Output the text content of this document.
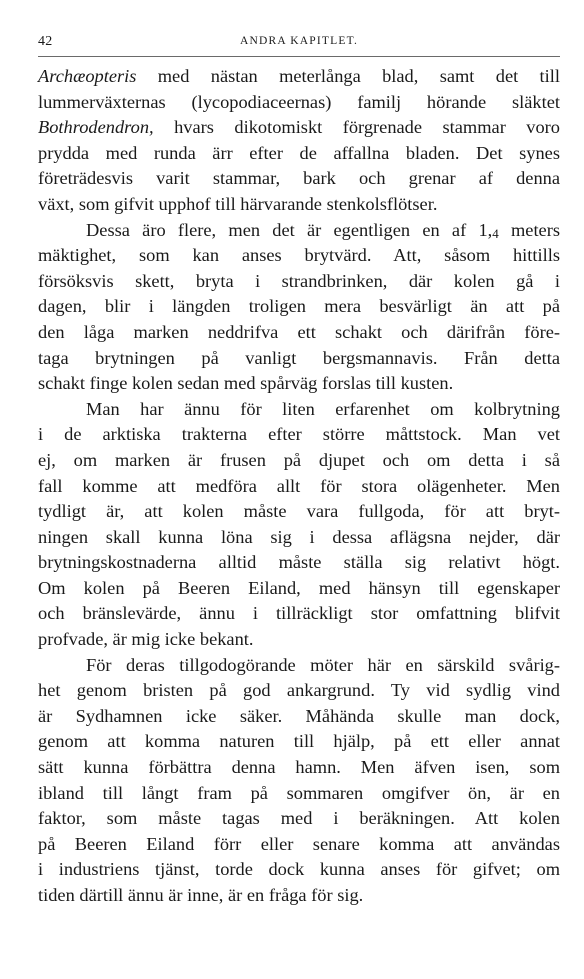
42	ANDRA KAPITLET.
Archæopteris med nästan meterlånga blad, samt det till
lummerväxternas (lycopodiaceernas) familj hörande släktet
Bothrodendron, hvars dikotomiskt förgrenade stammar voro
prydda med runda ärr efter de affallna bladen. Det synes
företrädesvis varit stammar, bark och grenar af denna
växt, som gifvit upphof till härvarande stenkolsflötser.
Dessa äro flere, men det är egentligen en af 1,4 meters
mäktighet, som kan anses brytvärd. Att, såsom hittills
försöksvis skett, bryta i strandbrinken, där kolen gå i
dagen, blir i längden troligen mera besvärligt än att på
den låga marken neddrifva ett schakt och därifrån före-
taga brytningen på vanligt bergsmannavis. Från detta
schakt finge kolen sedan med spårväg forslas till kusten.
Man har ännu för liten erfarenhet om kolbrytning
i de arktiska trakterna efter större måttstock. Man vet
ej, om marken är frusen på djupet och om detta i så
fall komme att medföra allt för stora olägenheter. Men
tydligt är, att kolen måste vara fullgoda, för att bryt-
ningen skall kunna löna sig i dessa aflägsna nejder, där
brytningskostnaderna alltid måste ställa sig relativt högt.
Om kolen på Beeren Eiland, med hänsyn till egenskaper
och bränslevärde, ännu i tillräckligt stor omfattning blifvit
profvade, är mig icke bekant.
För deras tillgodogörande möter här en särskild svårig-
het genom bristen på god ankargrund. Ty vid sydlig vind
är Sydhamnen icke säker. Måhända skulle man dock,
genom att komma naturen till hjälp, på ett eller annat
sätt kunna förbättra denna hamn. Men äfven isen, som
ibland till långt fram på sommaren omgifver ön, är en
faktor, som måste tagas med i beräkningen. Att kolen
på Beeren Eiland förr eller senare komma att användas
i industriens tjänst, torde dock kunna anses för gifvet; om
tiden därtill ännu är inne, är en fråga för sig.
